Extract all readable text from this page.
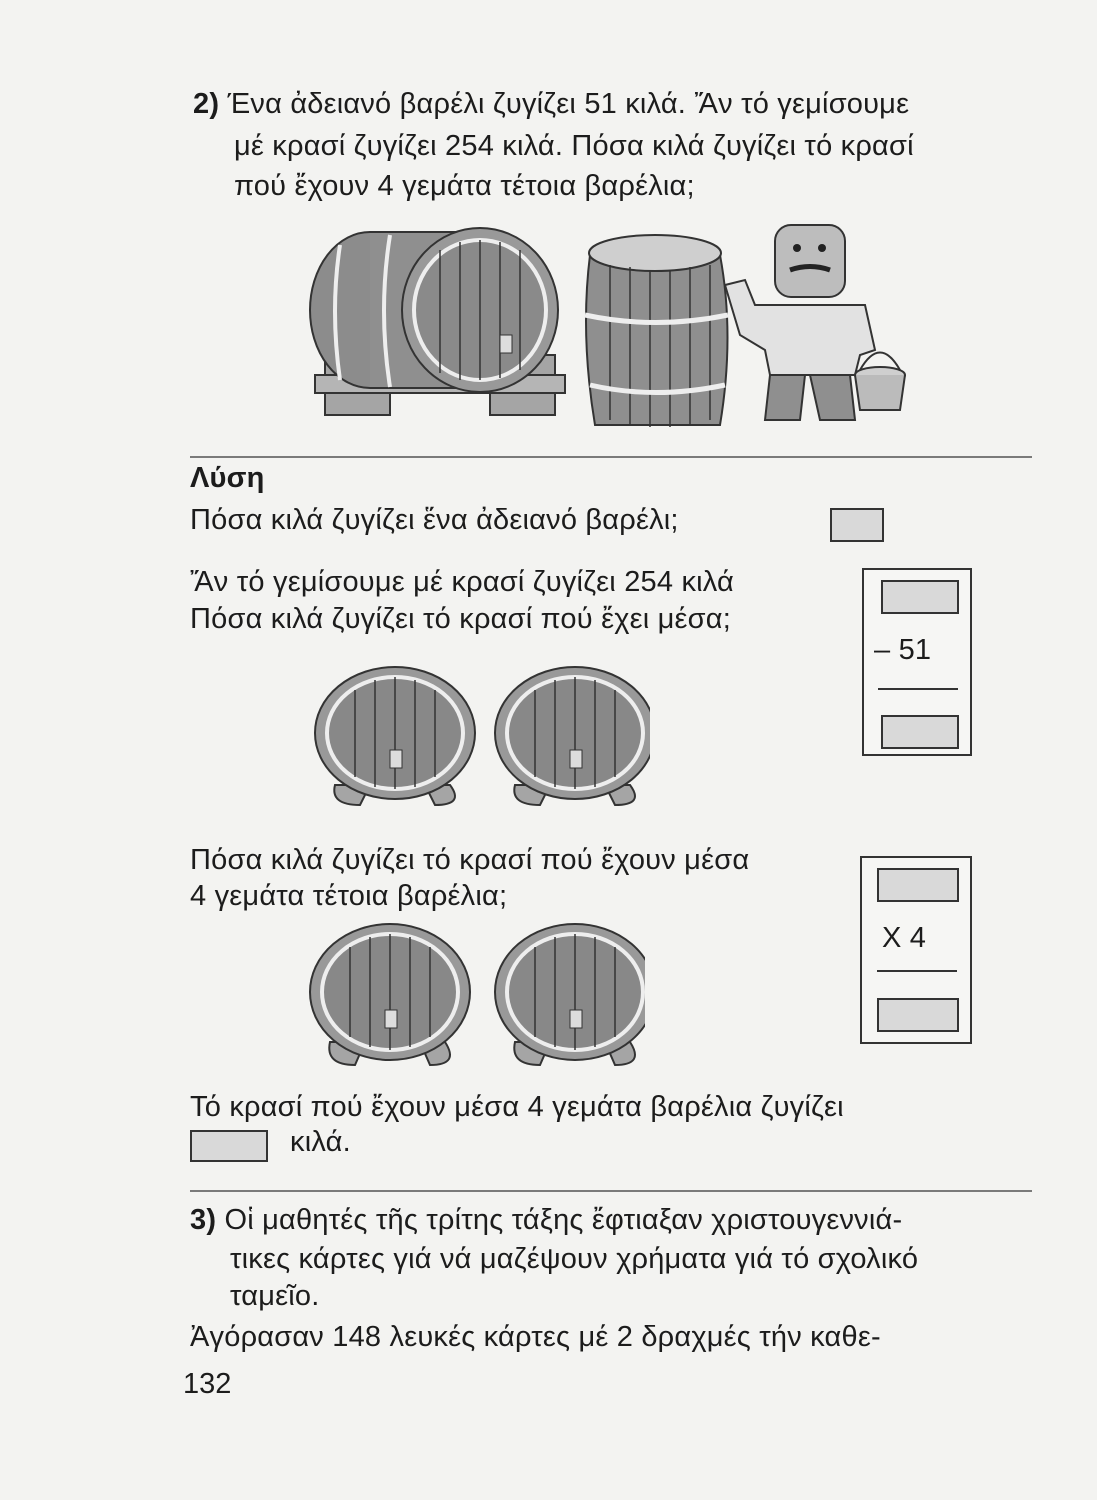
2) Ένα ἀδειανό βαρέλι ζυγίζει 51 κιλά. Ἄν τό γεμίσουμε
μέ κρασί ζυγίζει 254 κιλά. Πόσα κιλά ζυγίζει τό κρασί
πού ἔχουν 4 γεμάτα τέτοια βαρέλια;
Λύση
Πόσα κιλά ζυγίζει ἕνα ἀδειανό βαρέλι;
Ἄν τό γεμίσουμε μέ κρασί ζυγίζει 254 κιλά
Πόσα κιλά ζυγίζει τό κρασί πού ἔχει μέσα;
– 51
Πόσα κιλά ζυγίζει τό κρασί πού ἔχουν μέσα
4 γεμάτα τέτοια βαρέλια;
Χ 4
Τό κρασί πού ἔχουν μέσα 4 γεμάτα βαρέλια ζυγίζει
κιλά.
3) Οἱ μαθητές τῆς τρίτης τάξης ἔφτιαξαν χριστουγεννιά-
τικες κάρτες γιά νά μαζέψουν χρήματα γιά τό σχολικό
ταμεῖο.
Ἀγόρασαν 148 λευκές κάρτες μέ 2 δραχμές τήν καθε-
132
